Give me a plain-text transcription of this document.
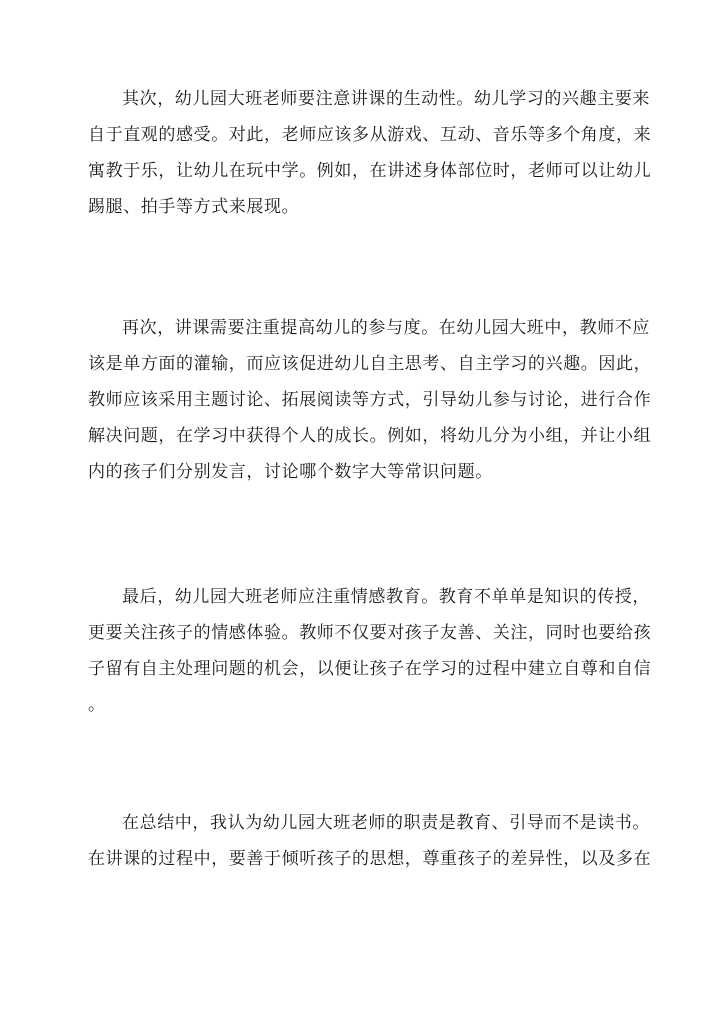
其次，幼儿园大班老师要注意讲课的生动性。幼儿学习的兴趣主要来
自于直观的感受。对此，老师应该多从游戏、互动、音乐等多个角度，来
寓教于乐，让幼儿在玩中学。例如，在讲述身体部位时，老师可以让幼儿
踢腿、拍手等方式来展现。
再次，讲课需要注重提高幼儿的参与度。在幼儿园大班中，教师不应
该是单方面的灌输，而应该促进幼儿自主思考、自主学习的兴趣。因此，
教师应该采用主题讨论、拓展阅读等方式，引导幼儿参与讨论，进行合作
解决问题，在学习中获得个人的成长。例如，将幼儿分为小组，并让小组
内的孩子们分别发言，讨论哪个数字大等常识问题。
最后，幼儿园大班老师应注重情感教育。教育不单单是知识的传授，
更要关注孩子的情感体验。教师不仅要对孩子友善、关注，同时也要给孩
子留有自主处理问题的机会，以便让孩子在学习的过程中建立自尊和自信
。
在总结中，我认为幼儿园大班老师的职责是教育、引导而不是读书。
在讲课的过程中，要善于倾听孩子的思想，尊重孩子的差异性，以及多在
